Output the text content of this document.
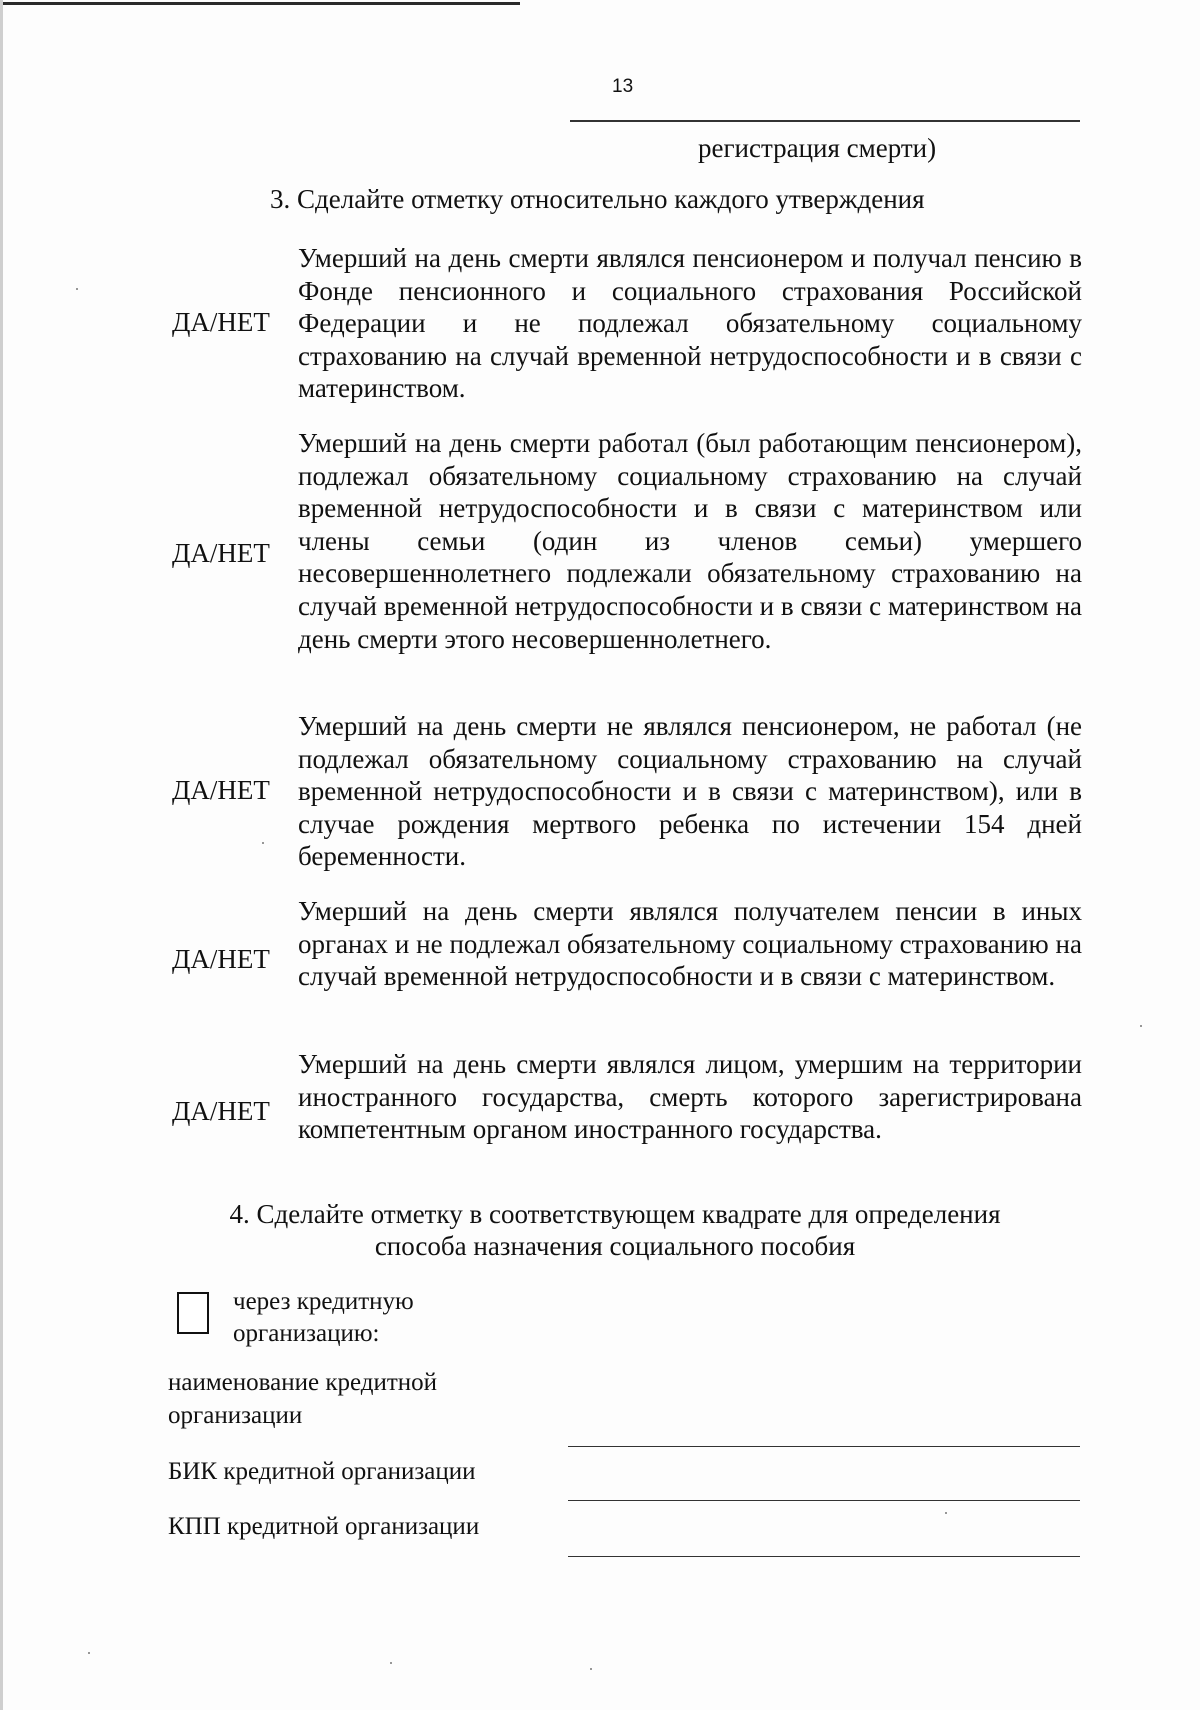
13
регистрация смерти)
3. Сделайте отметку относительно каждого утверждения
ДА/НЕТ
Умерший на день смерти являлся пенсионером и получал пенсию в Фонде пенсионного и социального страхования Российской Федерации и не подлежал обязательному социальному страхованию на случай временной нетрудоспособности и в связи с материнством.
ДА/НЕТ
Умерший на день смерти работал (был работающим пенсионером), подлежал обязательному социальному страхованию на случай временной нетрудоспособности и в связи с материнством или члены семьи (один из членов семьи) умершего несовершеннолетнего подлежали обязательному страхованию на случай временной нетрудоспособности и в связи с материнством на день смерти этого несовершеннолетнего.
ДА/НЕТ
Умерший на день смерти не являлся пенсионером, не работал (не подлежал обязательному социальному страхованию на случай временной нетрудоспособности и в связи с материнством), или в случае рождения мертвого ребенка по истечении 154 дней беременности.
ДА/НЕТ
Умерший на день смерти являлся получателем пенсии в иных органах и не подлежал обязательному социальному страхованию на случай временной нетрудоспособности и в связи с материнством.
ДА/НЕТ
Умерший на день смерти являлся лицом, умершим на территории иностранного государства, смерть которого зарегистрирована компетентным органом иностранного государства.
4. Сделайте отметку в соответствующем квадрате для определения
способа назначения социального пособия
через кредитную
организацию:
наименование кредитной
организации
БИК кредитной организации
КПП кредитной организации
